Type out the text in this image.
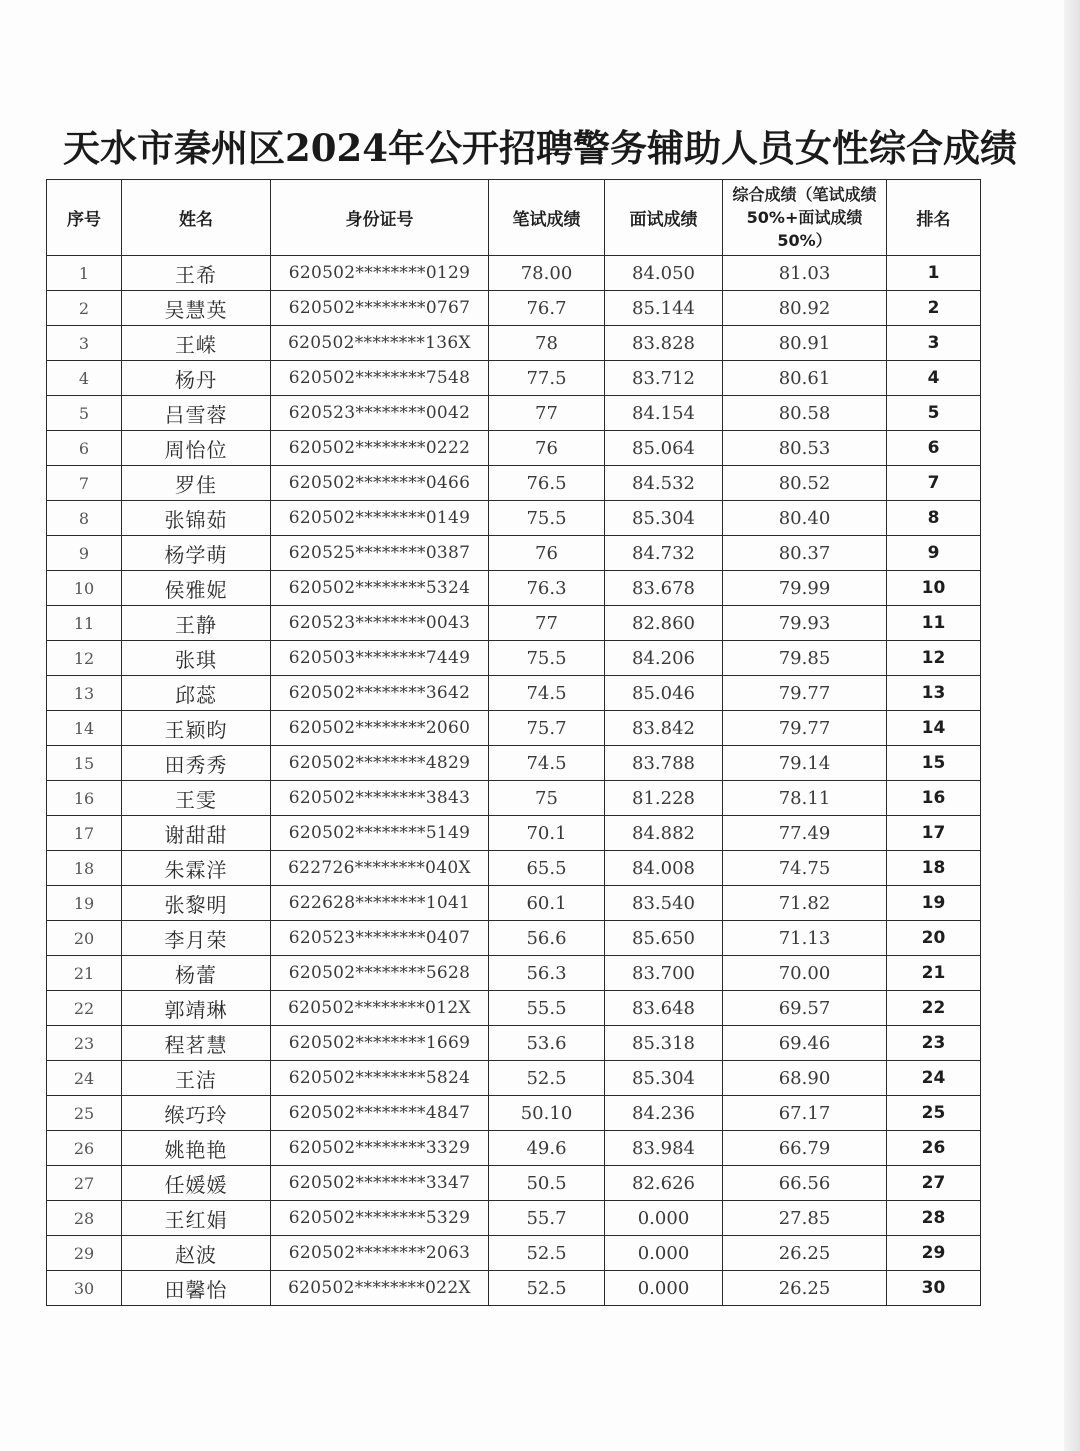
天水市秦州区2024年公开招聘警务辅助人员女性综合成绩
序号	姓名	身份证号	笔试成绩	面试成绩	综合成绩（笔试成绩50%+面试成绩50%）	排名
1	王希	620502********0129	78.00	84.050	81.03	1
2	吴慧英	620502********0767	76.7	85.144	80.92	2
3	王嵘	620502********136X	78	83.828	80.91	3
4	杨丹	620502********7548	77.5	83.712	80.61	4
5	吕雪蓉	620523********0042	77	84.154	80.58	5
6	周怡位	620502********0222	76	85.064	80.53	6
7	罗佳	620502********0466	76.5	84.532	80.52	7
8	张锦茹	620502********0149	75.5	85.304	80.40	8
9	杨学萌	620525********0387	76	84.732	80.37	9
10	侯雅妮	620502********5324	76.3	83.678	79.99	10
11	王静	620523********0043	77	82.860	79.93	11
12	张琪	620503********7449	75.5	84.206	79.85	12
13	邱蕊	620502********3642	74.5	85.046	79.77	13
14	王颖昀	620502********2060	75.7	83.842	79.77	14
15	田秀秀	620502********4829	74.5	83.788	79.14	15
16	王雯	620502********3843	75	81.228	78.11	16
17	谢甜甜	620502********5149	70.1	84.882	77.49	17
18	朱霖洋	622726********040X	65.5	84.008	74.75	18
19	张黎明	622628********1041	60.1	83.540	71.82	19
20	李月荣	620523********0407	56.6	85.650	71.13	20
21	杨蕾	620502********5628	56.3	83.700	70.00	21
22	郭靖琳	620502********012X	55.5	83.648	69.57	22
23	程茗慧	620502********1669	53.6	85.318	69.46	23
24	王洁	620502********5824	52.5	85.304	68.90	24
25	缑巧玲	620502********4847	50.10	84.236	67.17	25
26	姚艳艳	620502********3329	49.6	83.984	66.79	26
27	任媛媛	620502********3347	50.5	82.626	66.56	27
28	王红娟	620502********5329	55.7	0.000	27.85	28
29	赵波	620502********2063	52.5	0.000	26.25	29
30	田馨怡	620502********022X	52.5	0.000	26.25	30
